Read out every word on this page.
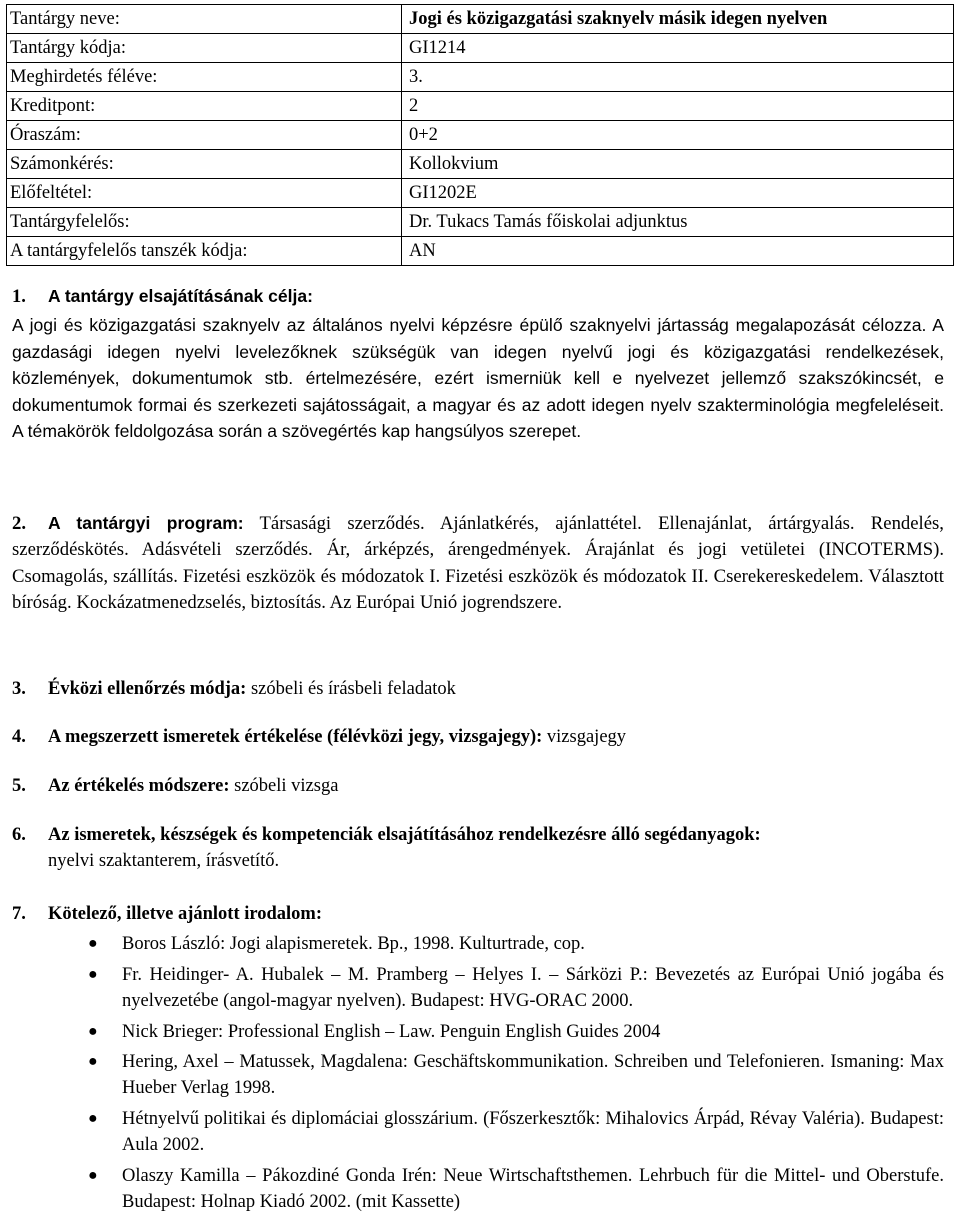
Tantárgy neve:	Jogi és közigazgatási szaknyelv másik idegen nyelven
Tantárgy kódja:	GI1214
Meghirdetés féléve:	3.
Kreditpont:	2
Óraszám:	0+2
Számonkérés:	Kollokvium
Előfeltétel:	GI1202E
Tantárgyfelelős:	Dr. Tukacs Tamás főiskolai adjunktus
A tantárgyfelelős tanszék kódja:	AN
1. A tantárgy elsajátításának célja:
A jogi és közigazgatási szaknyelv az általános nyelvi képzésre épülő szaknyelvi jártasság megalapozását célozza. A gazdasági idegen nyelvi levelezőknek szükségük van idegen nyelvű jogi és közigazgatási rendelkezések, közlemények, dokumentumok stb. értelmezésére, ezért ismerniük kell e nyelvezet jellemző szakszókincsét, e dokumentumok formai és szerkezeti sajátosságait, a magyar és az adott idegen nyelv szakterminológia megfeleléseit. A témakörök feldolgozása során a szövegértés kap hangsúlyos szerepet.
2. A tantárgyi program: Társasági szerződés. Ajánlatkérés, ajánlattétel. Ellenajánlat, ártárgyalás. Rendelés, szerződéskötés. Adásvételi szerződés. Ár, árképzés, árengedmények. Árajánlat és jogi vetületei (INCOTERMS). Csomagolás, szállítás. Fizetési eszközök és módozatok I. Fizetési eszközök és módozatok II. Cserekereskedelem. Választott bíróság. Kockázatmenedzselés, biztosítás. Az Európai Unió jogrendszere.
3. Évközi ellenőrzés módja: szóbeli és írásbeli feladatok
4. A megszerzett ismeretek értékelése (félévközi jegy, vizsgajegy): vizsgajegy
5. Az értékelés módszere: szóbeli vizsga
6. Az ismeretek, készségek és kompetenciák elsajátításához rendelkezésre álló segédanyagok:
nyelvi szaktanterem, írásvetítő.
7. Kötelező, illetve ajánlott irodalom:
● Boros László: Jogi alapismeretek. Bp., 1998. Kulturtrade, cop.
● Fr. Heidinger- A. Hubalek – M. Pramberg – Helyes I. – Sárközi P.: Bevezetés az Európai Unió jogába és nyelvezetébe (angol-magyar nyelven). Budapest: HVG-ORAC 2000.
● Nick Brieger: Professional English – Law. Penguin English Guides 2004
● Hering, Axel – Matussek, Magdalena: Geschäftskommunikation. Schreiben und Telefonieren. Ismaning: Max Hueber Verlag 1998.
● Hétnyelvű politikai és diplomáciai glosszárium. (Főszerkesztők: Mihalovics Árpád, Révay Valéria). Budapest: Aula 2002.
● Olaszy Kamilla – Pákozdiné Gonda Irén: Neue Wirtschaftsthemen. Lehrbuch für die Mittel- und Oberstufe. Budapest: Holnap Kiadó 2002. (mit Kassette)
